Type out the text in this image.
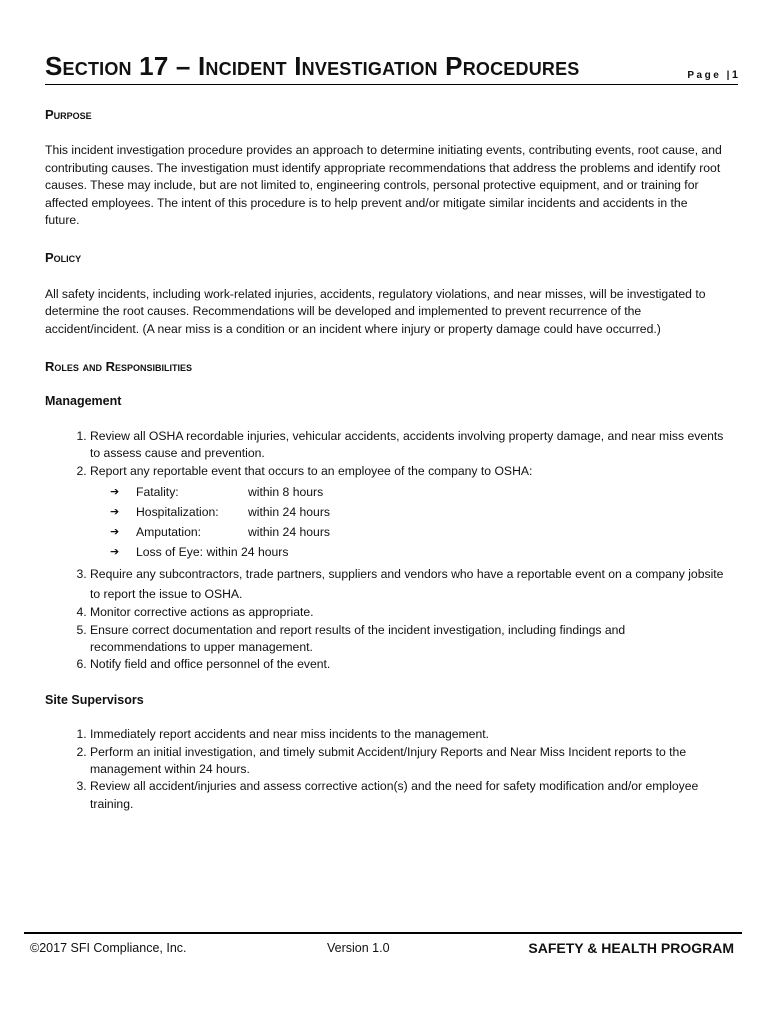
Section 17 – Incident Investigation Procedures	Page |1
Purpose

This incident investigation procedure provides an approach to determine initiating events, contributing events, root cause, and contributing causes. The investigation must identify appropriate recommendations that address the problems and identify root causes. These may include, but are not limited to, engineering controls, personal protective equipment, and or training for affected employees. The intent of this procedure is to help prevent and/or mitigate similar incidents and accidents in the future.

Policy

All safety incidents, including work-related injuries, accidents, regulatory violations, and near misses, will be investigated to determine the root causes. Recommendations will be developed and implemented to prevent recurrence of the accident/incident. (A near miss is a condition or an incident where injury or property damage could have occurred.)

Roles and Responsibilities
Management
1. Review all OSHA recordable injuries, vehicular accidents, accidents involving property damage, and near miss events to assess cause and prevention.
2. Report any reportable event that occurs to an employee of the company to OSHA:
➔	Fatality:	within 8 hours
➔	Hospitalization:	within 24 hours
➔	Amputation:	within 24 hours
➔	Loss of Eye: within 24 hours
3. Require any subcontractors, trade partners, suppliers and vendors who have a reportable event on a company jobsite to report the issue to OSHA.
4. Monitor corrective actions as appropriate.
5. Ensure correct documentation and report results of the incident investigation, including findings and recommendations to upper management.
6. Notify field and office personnel of the event.
Site Supervisors
1. Immediately report accidents and near miss incidents to the management.
2. Perform an initial investigation, and timely submit Accident/Injury Reports and Near Miss Incident reports to the management within 24 hours.
3. Review all accident/injuries and assess corrective action(s) and the need for safety modification and/or employee training.
©2017 SFI Compliance, Inc.	Version 1.0	SAFETY & HEALTH PROGRAM
